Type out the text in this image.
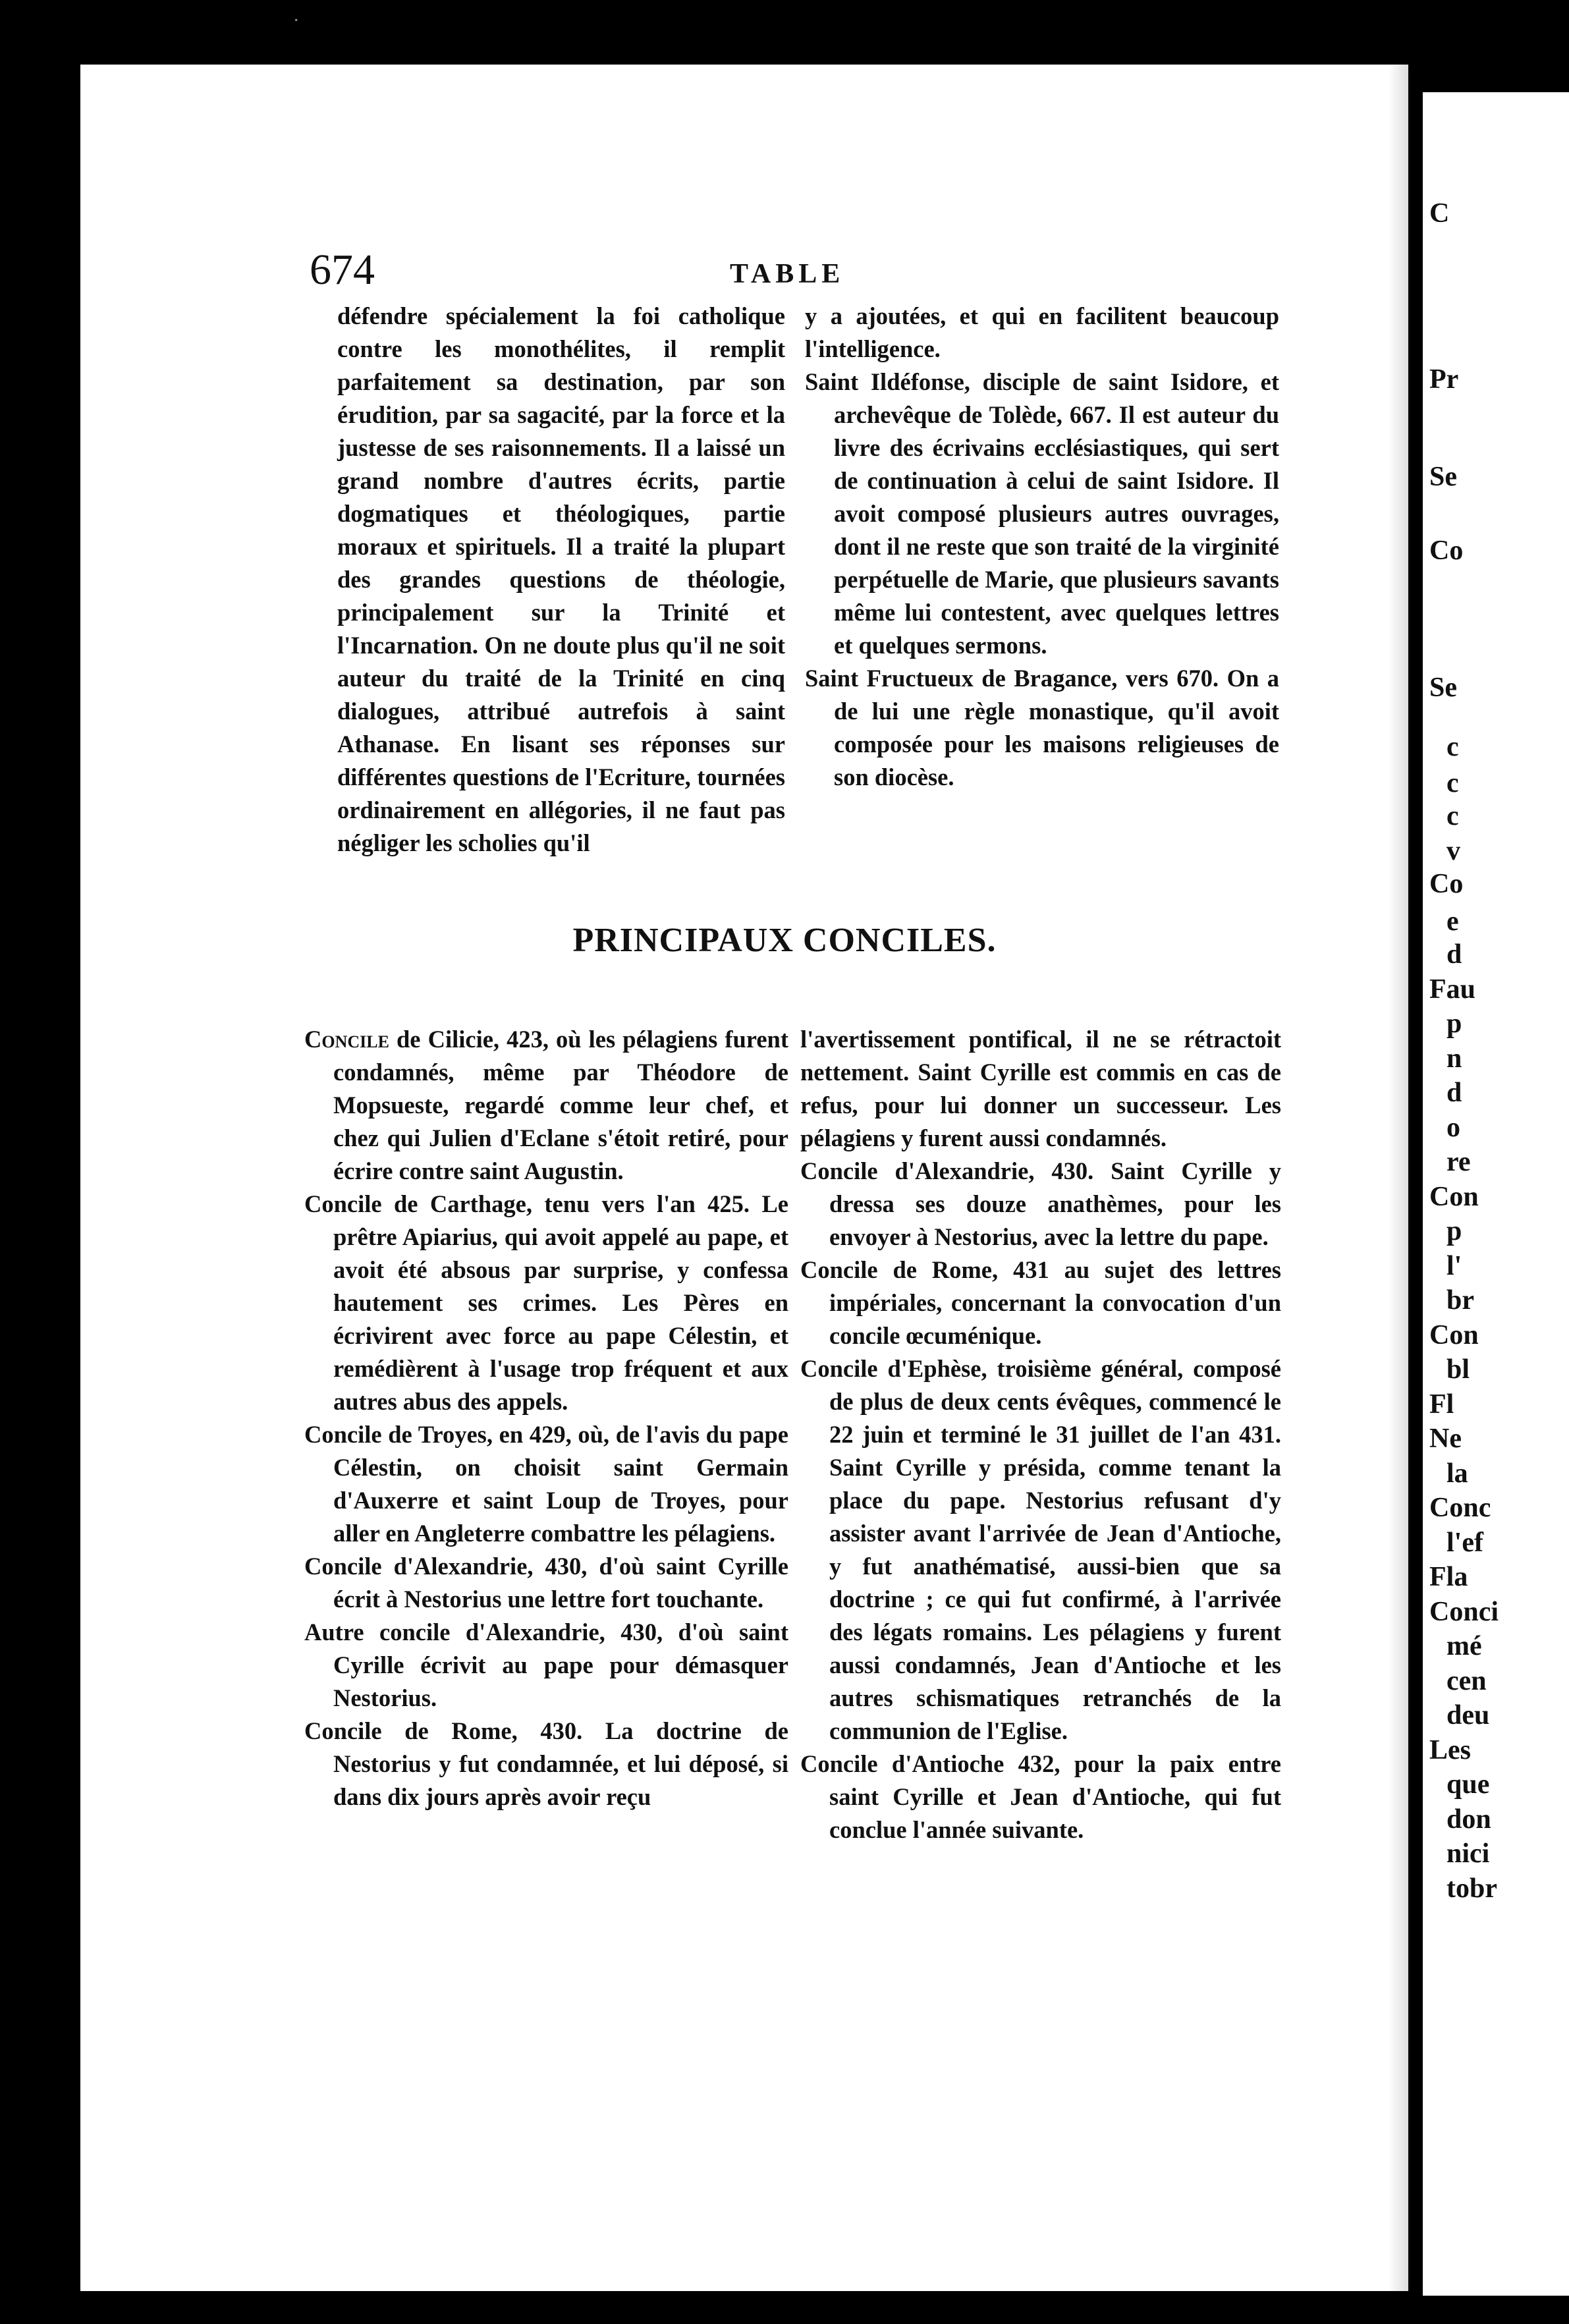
·
C
Pr
Se
Co
Se
c
c
c
v
Co
e
d
Fau
p
n
d
o
re
Con
p
l'
br
Con
bl
Fl
Ne
la
Conc
l'ef
Fla
Conci
mé
cen
deu
Les
que
don
nici
tobr
674	TABLE

défendre spécialement la foi catholique contre les monothélites, il remplit parfaitement sa destination, par son érudition, par sa sagacité, par la force et la justesse de ses raisonnements. Il a laissé un grand nombre d'autres écrits, partie dogmatiques et théologiques, partie moraux et spirituels. Il a traité la plupart des grandes questions de théologie, principalement sur la Trinité et l'Incarnation. On ne doute plus qu'il ne soit auteur du traité de la Trinité en cinq dialogues, attribué autrefois à saint Athanase. En lisant ses réponses sur différentes questions de l'Ecriture, tournées ordinairement en allégories, il ne faut pas négliger les scholies qu'il

y a ajoutées, et qui en facilitent beaucoup l'intelligence.

Saint Ildéfonse, disciple de saint Isidore, et archevêque de Tolède, 667. Il est auteur du livre des écrivains ecclésiastiques, qui sert de continuation à celui de saint Isidore. Il avoit composé plusieurs autres ouvrages, dont il ne reste que son traité de la virginité perpétuelle de Marie, que plusieurs savants même lui contestent, avec quelques lettres et quelques sermons.

Saint Fructueux de Bragance, vers 670. On a de lui une règle monastique, qu'il avoit composée pour les maisons religieuses de son diocèse.

PRINCIPAUX CONCILES.

Concile de Cilicie, 423, où les pélagiens furent condamnés, même par Théodore de Mopsueste, regardé comme leur chef, et chez qui Julien d'Eclane s'étoit retiré, pour écrire contre saint Augustin.

Concile de Carthage, tenu vers l'an 425. Le prêtre Apiarius, qui avoit appelé au pape, et avoit été absous par surprise, y confessa hautement ses crimes. Les Pères en écrivirent avec force au pape Célestin, et remédièrent à l'usage trop fréquent et aux autres abus des appels.

Concile de Troyes, en 429, où, de l'avis du pape Célestin, on choisit saint Germain d'Auxerre et saint Loup de Troyes, pour aller en Angleterre combattre les pélagiens.

Concile d'Alexandrie, 430, d'où saint Cyrille écrit à Nestorius une lettre fort touchante.

Autre concile d'Alexandrie, 430, d'où saint Cyrille écrivit au pape pour démasquer Nestorius.

Concile de Rome, 430. La doctrine de Nestorius y fut condamnée, et lui déposé, si dans dix jours après avoir reçu

l'avertissement pontifical, il ne se rétractoit nettement. Saint Cyrille est commis en cas de refus, pour lui donner un successeur. Les pélagiens y furent aussi condamnés.

Concile d'Alexandrie, 430. Saint Cyrille y dressa ses douze anathèmes, pour les envoyer à Nestorius, avec la lettre du pape.

Concile de Rome, 431 au sujet des lettres impériales, concernant la convocation d'un concile œcuménique.

Concile d'Ephèse, troisième général, composé de plus de deux cents évêques, commencé le 22 juin et terminé le 31 juillet de l'an 431. Saint Cyrille y présida, comme tenant la place du pape. Nestorius refusant d'y assister avant l'arrivée de Jean d'Antioche, y fut anathématisé, aussi-bien que sa doctrine ; ce qui fut confirmé, à l'arrivée des légats romains. Les pélagiens y furent aussi condamnés, Jean d'Antioche et les autres schismatiques retranchés de la communion de l'Eglise.

Concile d'Antioche 432, pour la paix entre saint Cyrille et Jean d'Antioche, qui fut conclue l'année suivante.
